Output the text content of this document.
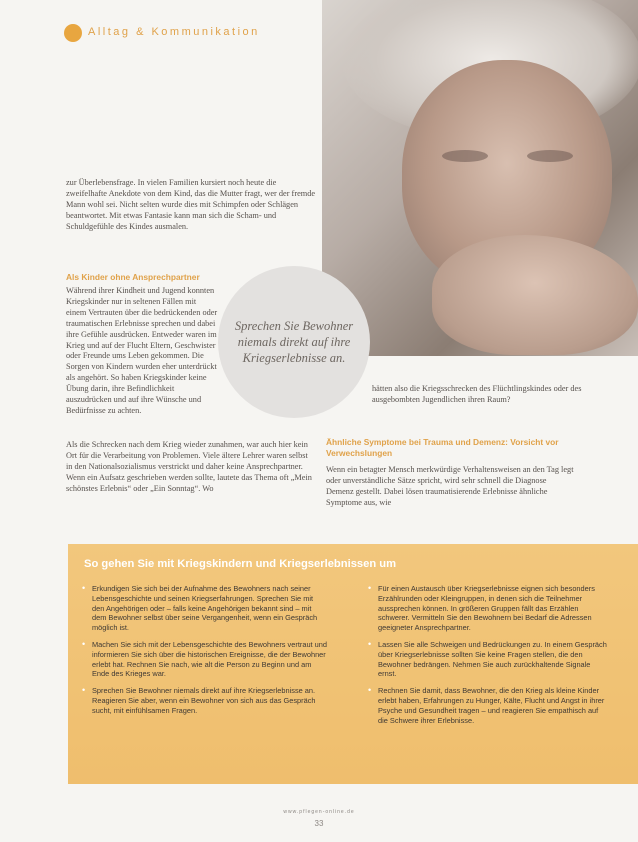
Alltag & Kommunikation

zur Überlebensfrage. In vielen Familien kursiert noch heute die zweifelhafte Anekdote von dem Kind, das die Mutter fragt, wer der fremde Mann wohl sei. Nicht selten wurde dies mit Schimpfen oder Schlägen beantwortet. Mit etwas Fantasie kann man sich die Scham- und Schuldgefühle des Kindes ausmalen.

Als Kinder ohne Ansprechpartner

Während ihrer Kindheit und Jugend konnten Kriegskinder nur in seltenen Fällen mit einem Vertrauten über die bedrückenden oder traumatischen Erlebnisse sprechen und dabei ihre Gefühle ausdrücken. Entweder waren im Krieg und auf der Flucht Eltern, Geschwister oder Freunde ums Leben gekommen. Die Sorgen von Kindern wurden eher unterdrückt als angehört. So haben Kriegskinder keine Übung darin, ihre Befindlichkeit auszudrücken und auf ihre Wünsche und Bedürfnisse zu achten.

Sprechen Sie Bewohner niemals direkt auf ihre Kriegserlebnisse an.

Als die Schrecken nach dem Krieg wieder zunahmen, war auch hier kein Ort für die Verarbeitung von Problemen. Viele ältere Lehrer waren selbst in den Nationalsozialismus verstrickt und daher keine Ansprechpartner. Wenn ein Aufsatz geschrieben werden sollte, lautete das Thema oft „Mein schönstes Erlebnis“ oder „Ein Sonntag“. Wo

hätten also die Kriegsschrecken des Flüchtlingskindes oder des ausgebombten Jugendlichen ihren Raum?

Ähnliche Symptome bei Trauma und Demenz: Vorsicht vor Verwechslungen

Wenn ein betagter Mensch merkwürdige Verhaltensweisen an den Tag legt oder unverständliche Sätze spricht, wird sehr schnell die Diagnose Demenz gestellt. Dabei lösen traumatisierende Erlebnisse ähnliche Symptome aus, wie

So gehen Sie mit Kriegskindern und Kriegserlebnissen um
• Erkundigen Sie sich bei der Aufnahme des Bewohners nach seiner Lebensgeschichte und seinen Kriegserfahrungen. Sprechen Sie mit den Angehörigen oder – falls keine Angehörigen bekannt sind – mit dem Bewohner selbst über seine Vergangenheit, wenn ein Gespräch möglich ist.
• Machen Sie sich mit der Lebensgeschichte des Bewohners vertraut und informieren Sie sich über die historischen Ereignisse, die der Bewohner erlebt hat. Rechnen Sie nach, wie alt die Person zu Beginn und am Ende des Krieges war.
• Sprechen Sie Bewohner niemals direkt auf ihre Kriegserlebnisse an. Reagieren Sie aber, wenn ein Bewohner von sich aus das Gespräch sucht, mit einfühlsamen Fragen.
• Für einen Austausch über Kriegserlebnisse eignen sich besonders Erzählrunden oder Kleingruppen, in denen sich die Teilnehmer aussprechen können. In größeren Gruppen fällt das Erzählen schwerer. Vermitteln Sie den Bewohnern bei Bedarf die Adressen geeigneter Ansprechpartner.
• Lassen Sie alle Schweigen und Bedrückungen zu. In einem Gespräch über Kriegserlebnisse sollten Sie keine Fragen stellen, die den Bewohner bedrängen. Nehmen Sie auch zurückhaltende Signale ernst.
• Rechnen Sie damit, dass Bewohner, die den Krieg als kleine Kinder erlebt haben, Erfahrungen zu Hunger, Kälte, Flucht und Angst in ihrer Psyche und Gesundheit tragen – und reagieren Sie empathisch auf die Schwere ihrer Erlebnisse.
www.pflegen-online.de
33
